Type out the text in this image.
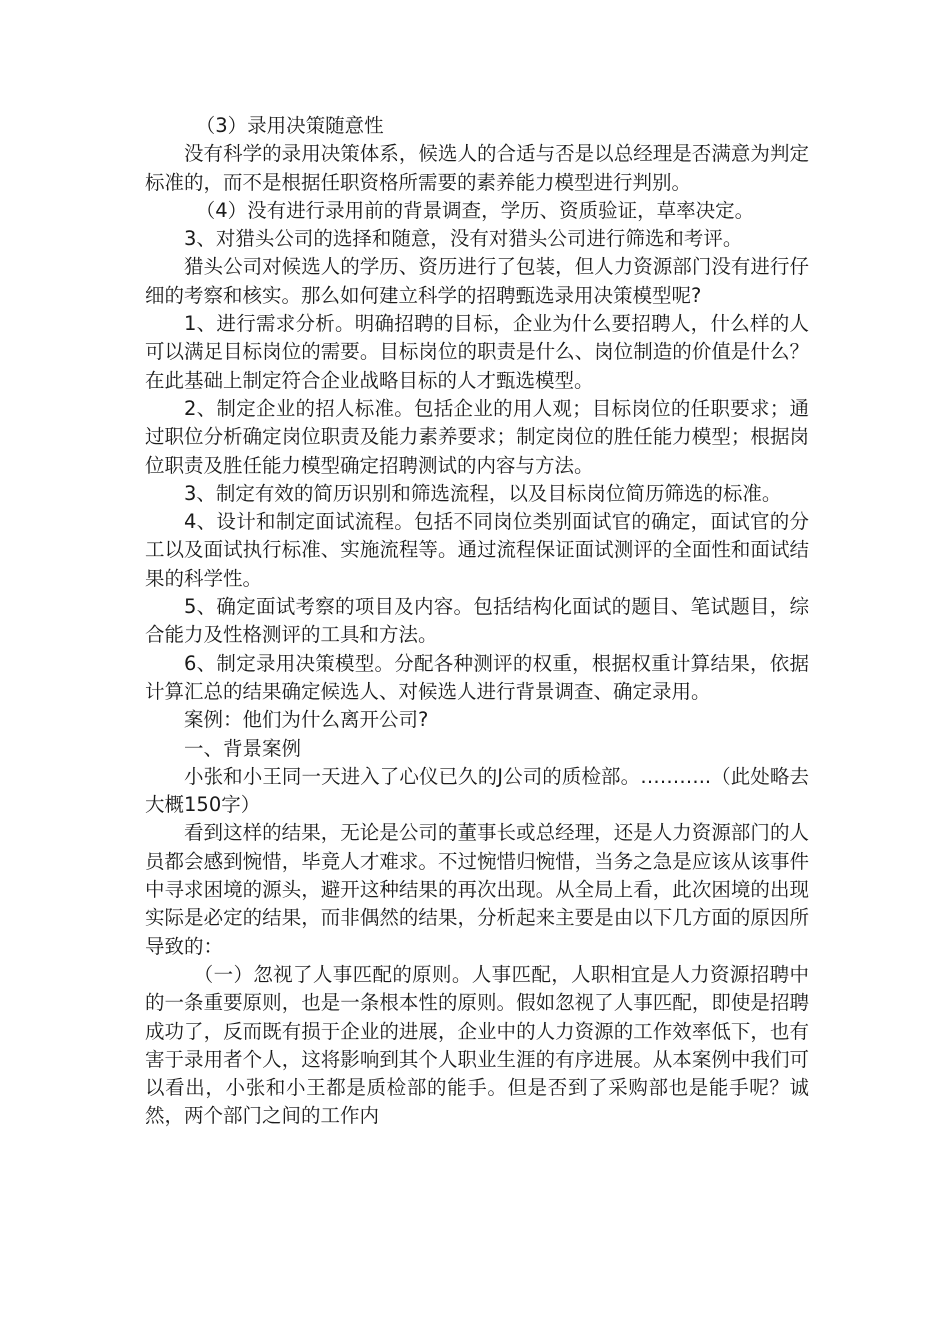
（3）录用决策随意性

没有科学的录用决策体系，候选人的合适与否是以总经理是否满意为判定标准的，而不是根据任职资格所需要的素养能力模型进行判别。

（4）没有进行录用前的背景调查，学历、资质验证，草率决定。

3、对猎头公司的选择和随意，没有对猎头公司进行筛选和考评。

猎头公司对候选人的学历、资历进行了包装，但人力资源部门没有进行仔细的考察和核实。那么如何建立科学的招聘甄选录用决策模型呢?

1、进行需求分析。明确招聘的目标，企业为什么要招聘人，什么样的人可以满足目标岗位的需要。目标岗位的职责是什么、岗位制造的价值是什么？在此基础上制定符合企业战略目标的人才甄选模型。

2、制定企业的招人标准。包括企业的用人观；目标岗位的任职要求；通过职位分析确定岗位职责及能力素养要求；制定岗位的胜任能力模型；根据岗位职责及胜任能力模型确定招聘测试的内容与方法。

3、制定有效的简历识别和筛选流程，以及目标岗位简历筛选的标准。

4、设计和制定面试流程。包括不同岗位类别面试官的确定，面试官的分工以及面试执行标准、实施流程等。通过流程保证面试测评的全面性和面试结果的科学性。

5、确定面试考察的项目及内容。包括结构化面试的题目、笔试题目，综合能力及性格测评的工具和方法。

6、制定录用决策模型。分配各种测评的权重，根据权重计算结果，依据计算汇总的结果确定候选人、对候选人进行背景调查、确定录用。

案例：他们为什么离开公司?

一、背景案例

小张和小王同一天进入了心仪已久的J公司的质检部。………..（此处略去大概150字）

看到这样的结果，无论是公司的董事长或总经理，还是人力资源部门的人员都会感到惋惜，毕竟人才难求。不过惋惜归惋惜，当务之急是应该从该事件中寻求困境的源头，避开这种结果的再次出现。从全局上看，此次困境的出现实际是必定的结果，而非偶然的结果，分析起来主要是由以下几方面的原因所导致的：

（一）忽视了人事匹配的原则。人事匹配，人职相宜是人力资源招聘中的一条重要原则，也是一条根本性的原则。假如忽视了人事匹配，即使是招聘成功了，反而既有损于企业的进展，企业中的人力资源的工作效率低下，也有害于录用者个人，这将影响到其个人职业生涯的有序进展。从本案例中我们可以看出，小张和小王都是质检部的能手。但是否到了采购部也是能手呢？诚然，两个部门之间的工作内
